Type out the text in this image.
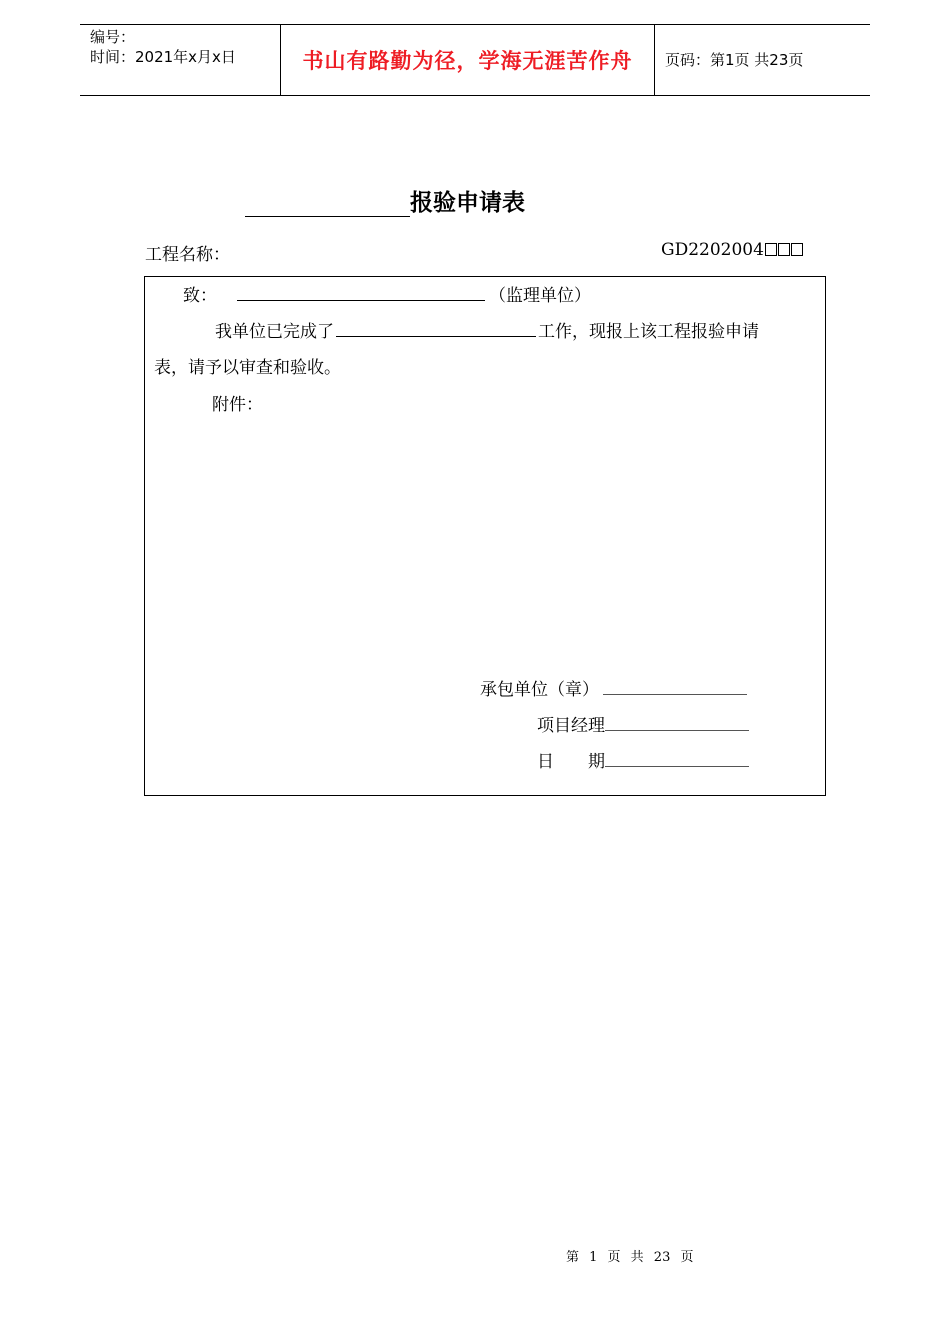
编号：
时间：2021年x月x日	书山有路勤为径，学海无涯苦作舟	页码：第1页 共23页
报验申请表
工程名称：	GD2202004
致：	（监理单位）
我单位已完成了	工作，现报上该工程报验申请
表，请予以审查和验收。
附件：
承包单位（章）
项目经理
日　　期
第 1 页 共 23 页
